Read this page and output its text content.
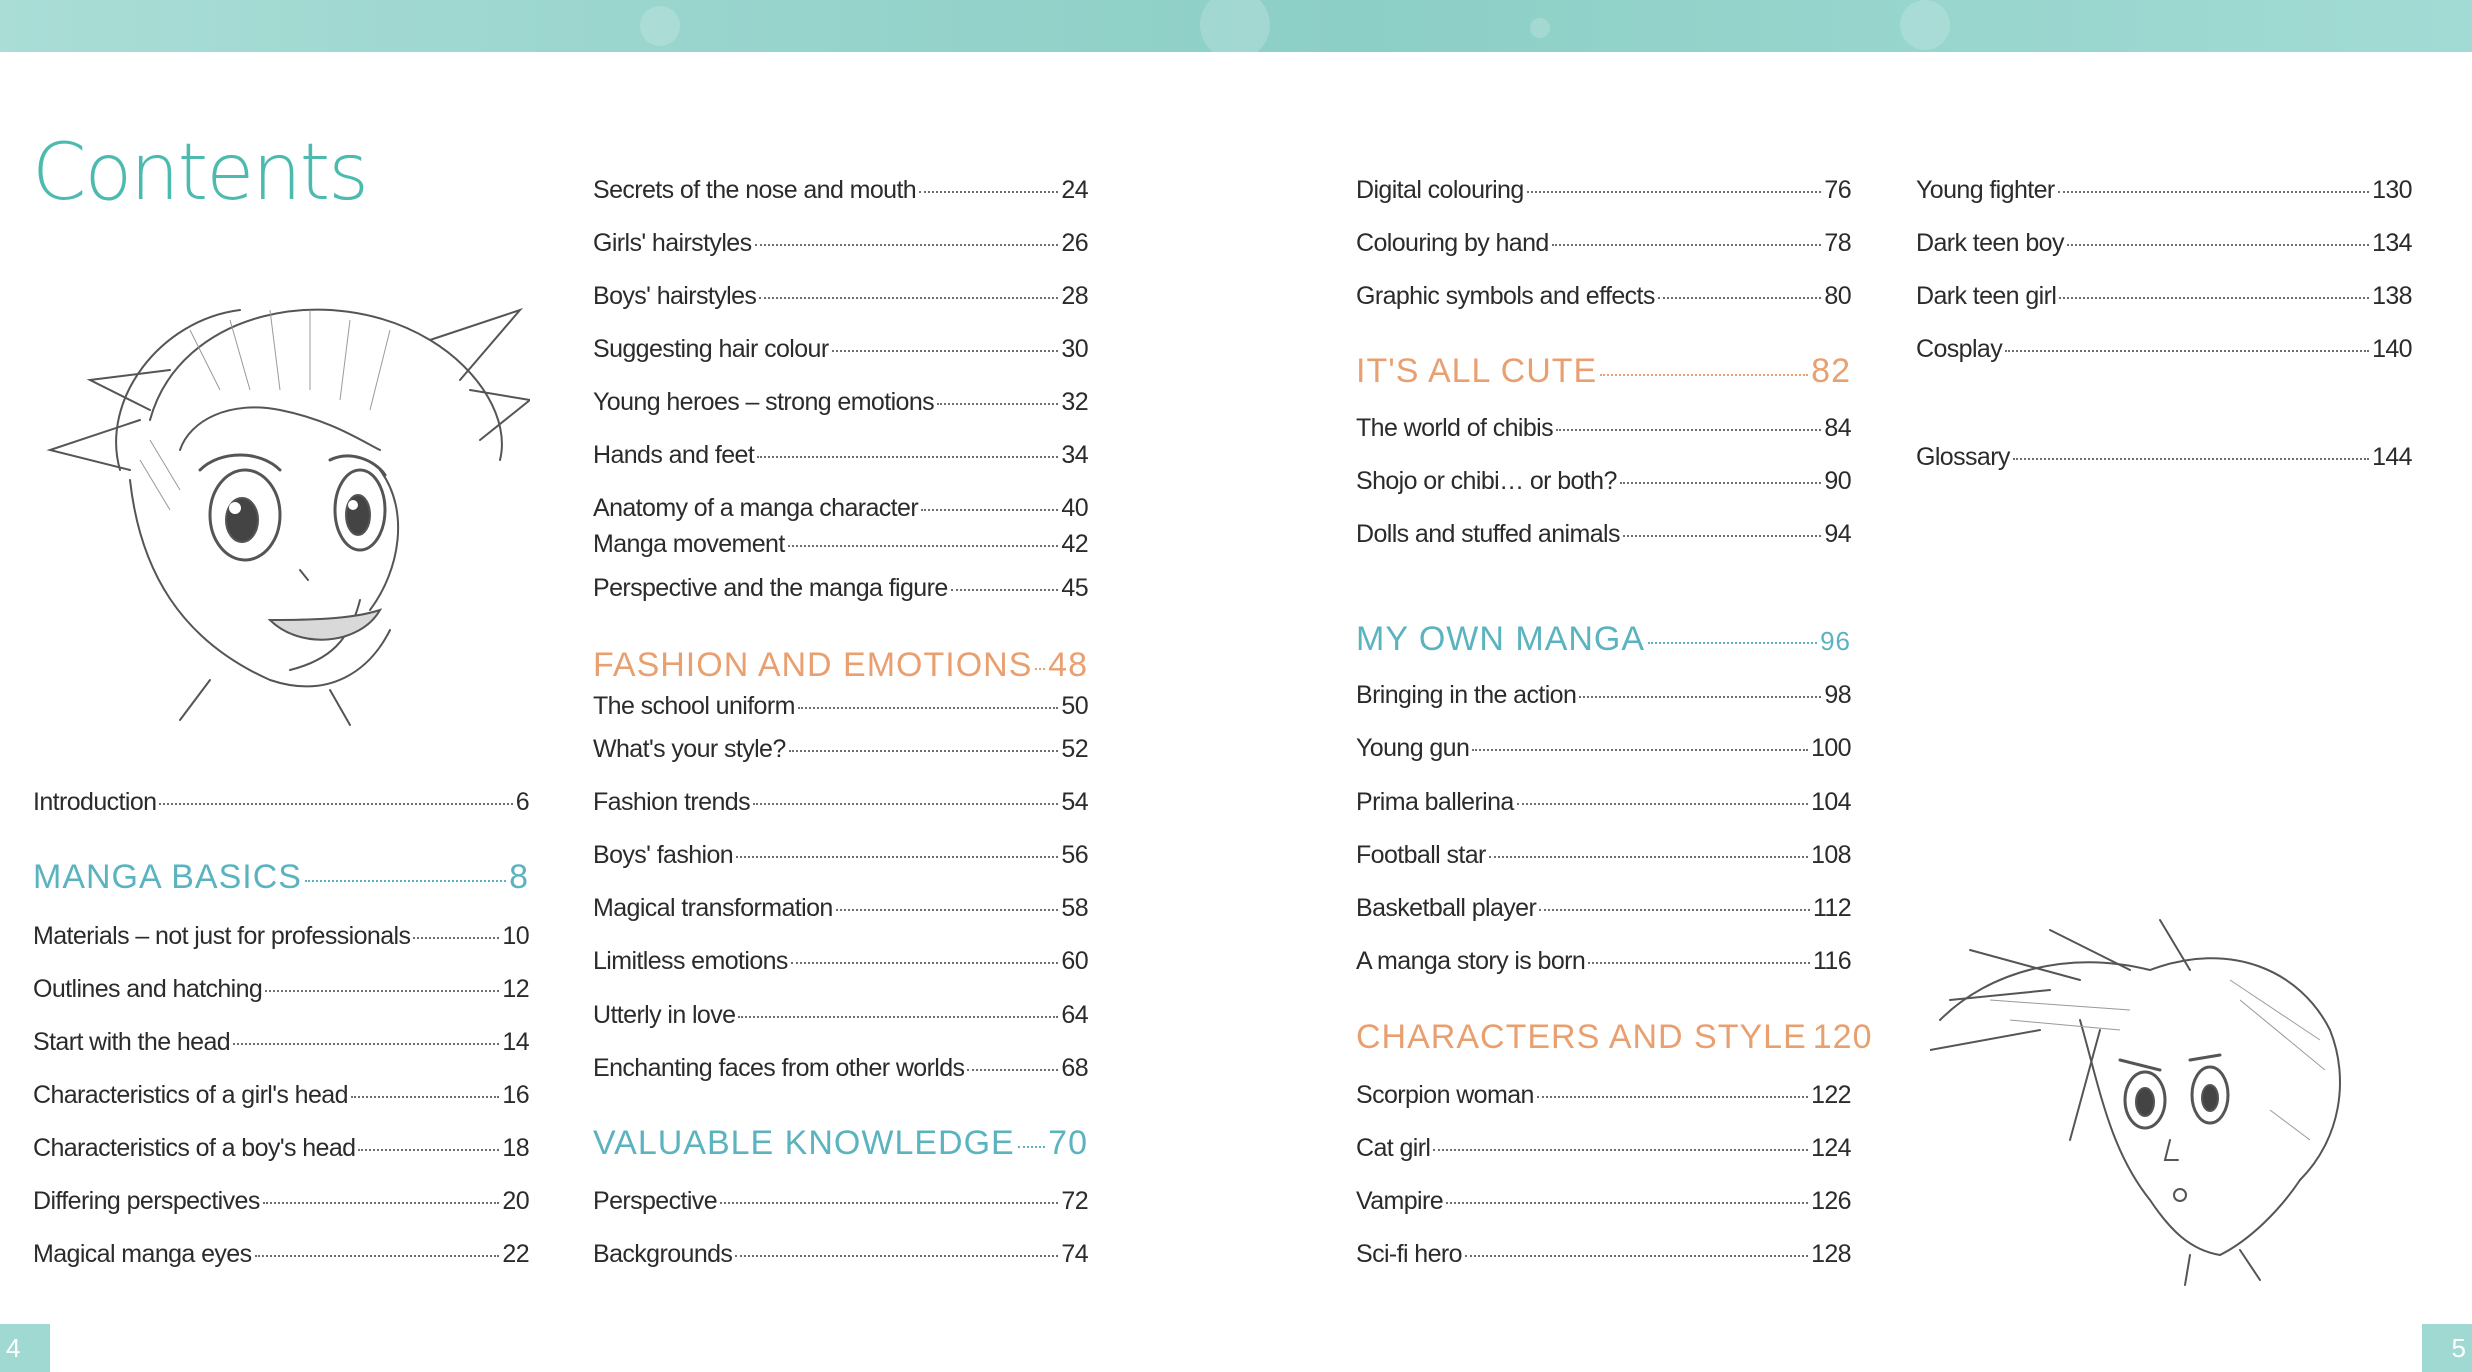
Contents
Introduction	6
MANGA BASICS	8
Materials – not just for professionals	10
Outlines and hatching	12
Start with the head	14
Characteristics of a girl's head	16
Characteristics of a boy's head	18
Differing perspectives	20
Magical manga eyes	22
Secrets of the nose and mouth	24
Girls' hairstyles	26
Boys' hairstyles	28
Suggesting hair colour	30
Young heroes – strong emotions	32
Hands and feet	34
Anatomy of a manga character	40
Manga movement	42
Perspective and the manga figure	45
FASHION AND EMOTIONS 48
The school uniform	50
What's your style?	52
Fashion trends	54
Boys' fashion	56
Magical transformation	58
Limitless emotions	60
Utterly in love	64
Enchanting faces from other worlds	68
VALUABLE KNOWLEDGE 70
Perspective	72
Backgrounds	74
Digital colouring	76
Colouring by hand	78
Graphic symbols and effects	80
IT'S ALL CUTE	82
The world of chibis	84
Shojo or chibi… or both?	90
Dolls and stuffed animals	94
MY OWN MANGA	96
Bringing in the action	98
Young gun	100
Prima ballerina	104
Football star	108
Basketball player	112
A manga story is born	116
CHARACTERS AND STYLE 120
Scorpion woman	122
Cat girl	124
Vampire	126
Sci-fi hero	128
Young fighter	130
Dark teen boy	134
Dark teen girl	138
Cosplay	140
Glossary	144
4	5
